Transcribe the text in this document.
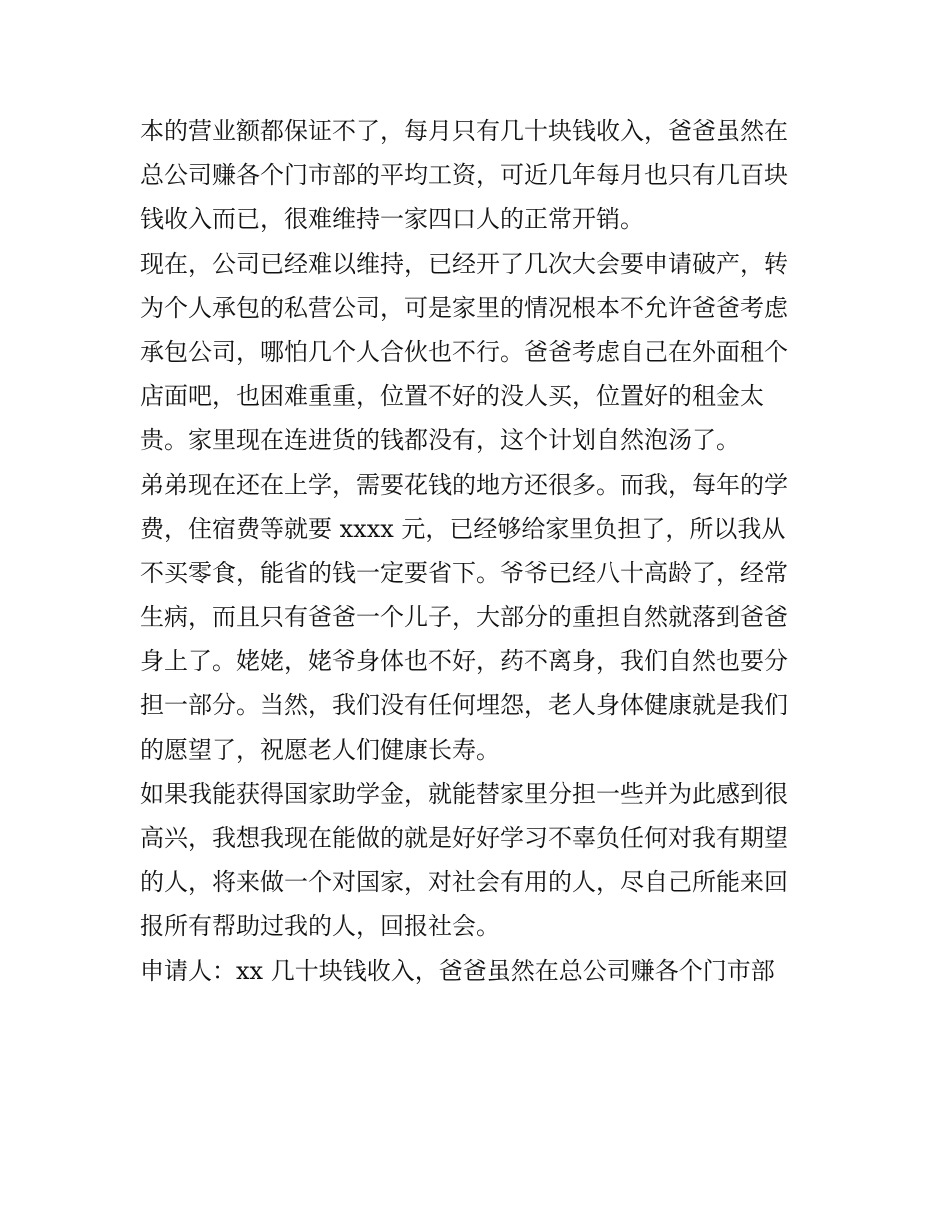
本的营业额都保证不了，每月只有几十块钱收入，爸爸虽然在
总公司赚各个门市部的平均工资，可近几年每月也只有几百块
钱收入而已，很难维持一家四口人的正常开销。
现在，公司已经难以维持，已经开了几次大会要申请破产，转
为个人承包的私营公司，可是家里的情况根本不允许爸爸考虑
承包公司，哪怕几个人合伙也不行。爸爸考虑自己在外面租个
店面吧，也困难重重，位置不好的没人买，位置好的租金太
贵。家里现在连进货的钱都没有，这个计划自然泡汤了。
弟弟现在还在上学，需要花钱的地方还很多。而我，每年的学
费，住宿费等就要 xxxx 元，已经够给家里负担了，所以我从
不买零食，能省的钱一定要省下。爷爷已经八十高龄了，经常
生病，而且只有爸爸一个儿子，大部分的重担自然就落到爸爸
身上了。姥姥，姥爷身体也不好，药不离身，我们自然也要分
担一部分。当然，我们没有任何埋怨，老人身体健康就是我们
的愿望了，祝愿老人们健康长寿。
如果我能获得国家助学金，就能替家里分担一些并为此感到很
高兴，我想我现在能做的就是好好学习不辜负任何对我有期望
的人，将来做一个对国家，对社会有用的人，尽自己所能来回
报所有帮助过我的人，回报社会。
申请人：xx 几十块钱收入，爸爸虽然在总公司赚各个门市部
